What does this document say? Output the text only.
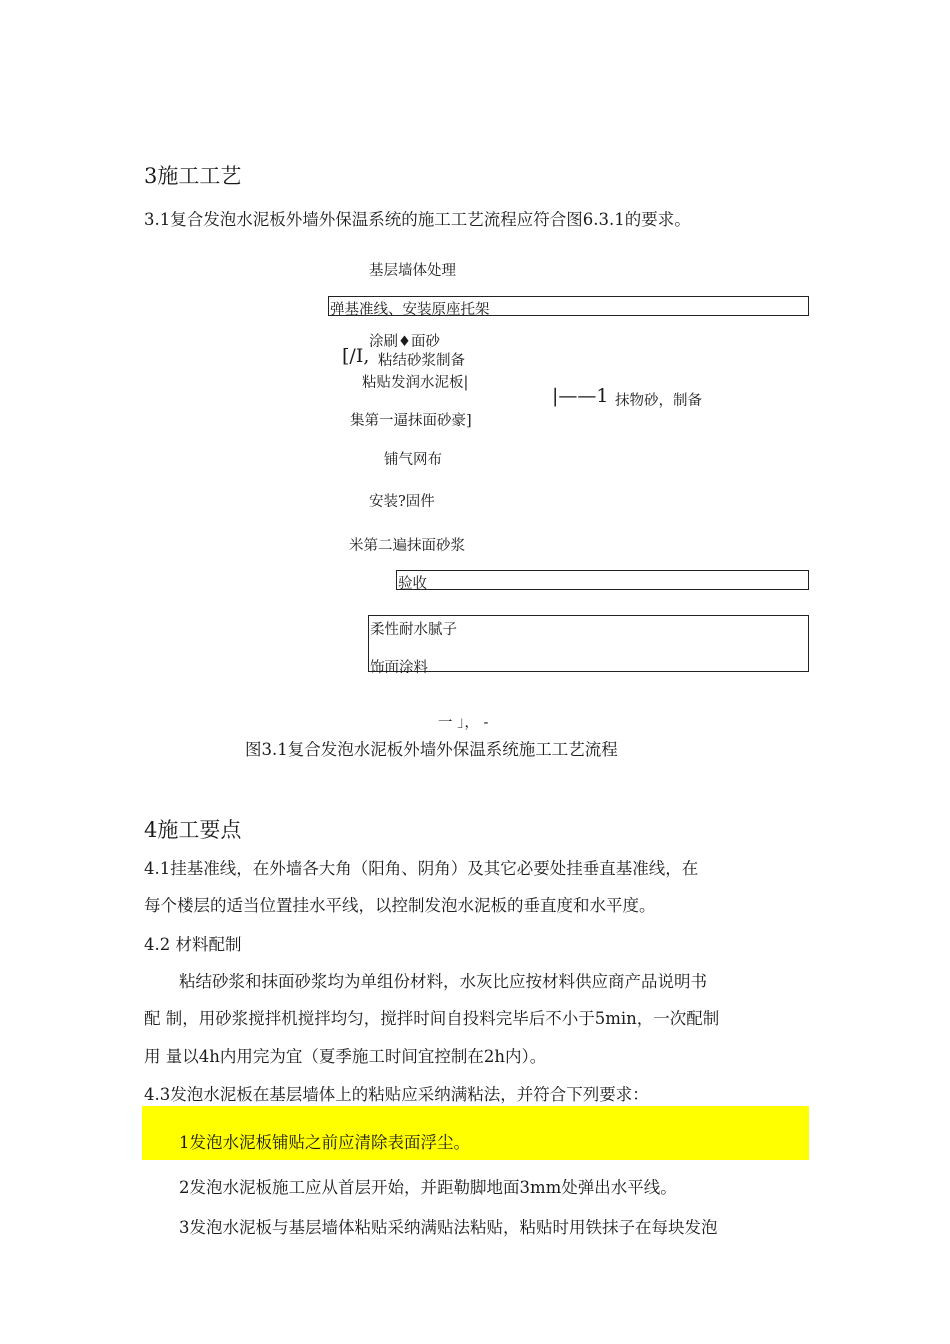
3施工工艺
3.1复合发泡水泥板外墙外保温系统的施工工艺流程应符合图6.3.1的要求。
基层墙体处理
弹基准线、安装原座托架
涂刷♦面砂
[/Ⅰ, 粘结砂浆制备
粘贴发润水泥板|
|——1 抹物砂，制备
集第一逼抹面砂豪]
铺气网布
安装?固件
米第二遍抹面砂浆
验收
柔性耐水腻子
饰面涂料
一 」， -
图3.1复合发泡水泥板外墙外保温系统施工工艺流程
4施工要点
4.1挂基准线，在外墙各大角（阳角、阴角）及其它必要处挂垂直基准线，在
每个楼层的适当位置挂水平线，以控制发泡水泥板的垂直度和水平度。
4.2 材料配制
粘结砂浆和抹面砂浆均为单组份材料，水灰比应按材料供应商产品说明书
配 制，用砂浆搅拌机搅拌均匀，搅拌时间自投料完毕后不小于5min，一次配制
用 量以4h内用完为宜（夏季施工时间宜控制在2h内）。
4.3发泡水泥板在基层墙体上的粘贴应采纳满粘法，并符合下列要求：
1发泡水泥板铺贴之前应清除表面浮尘。
2发泡水泥板施工应从首层开始，并距勒脚地面3mm处弹出水平线。
3发泡水泥板与基层墙体粘贴采纳满贴法粘贴，粘贴时用铁抹子在每块发泡
